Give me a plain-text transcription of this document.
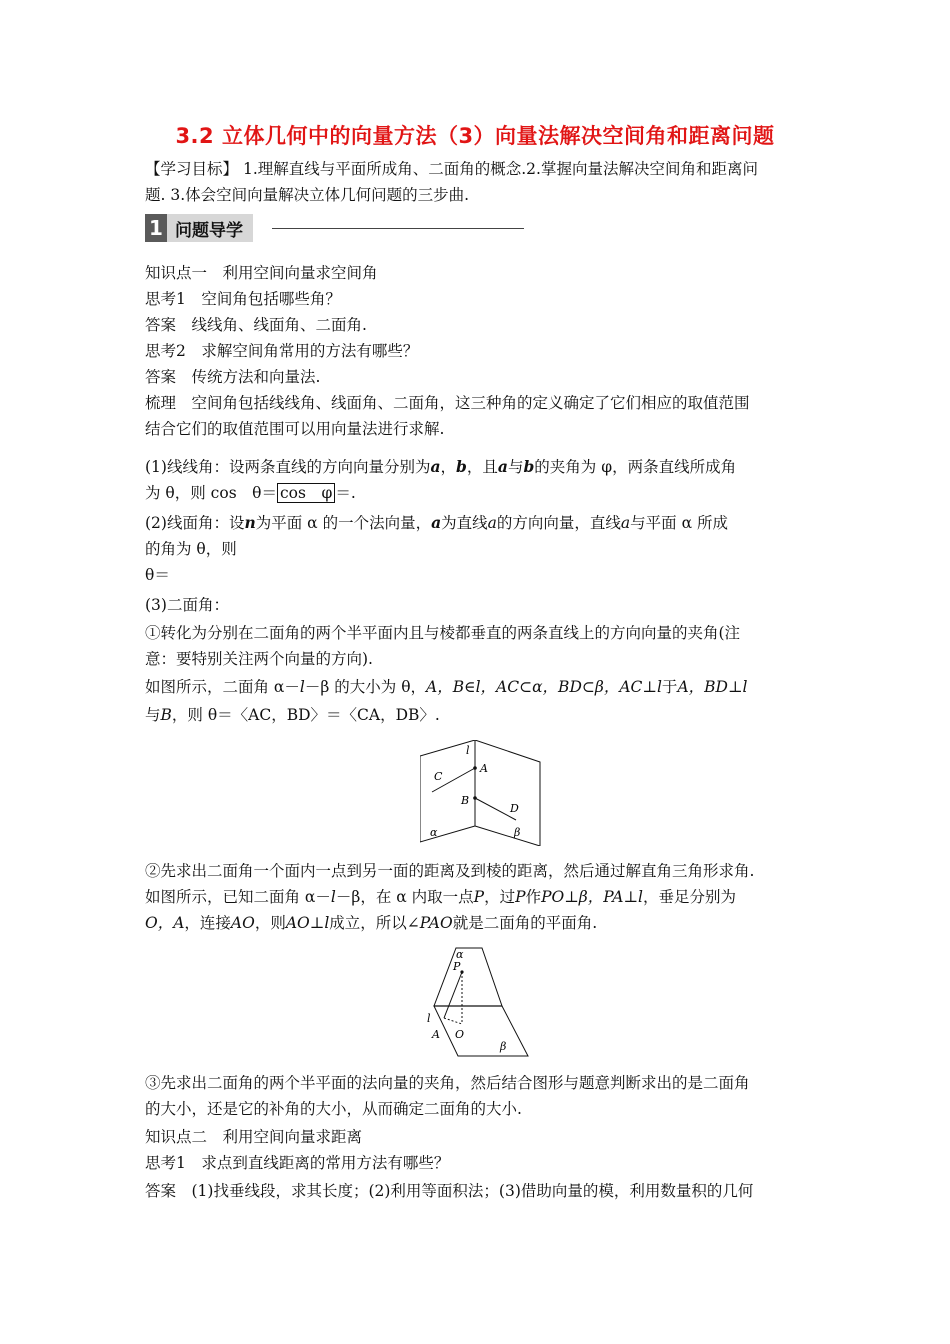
3.2 立体几何中的向量方法（3）向量法解决空间角和距离问题
【学习目标】 1.理解直线与平面所成角、二面角的概念.2.掌握向量法解决空间角和距离问
题. 3.体会空间向量解决立体几何问题的三步曲.
1 问题导学
知识点一　利用空间向量求空间角
思考1　空间角包括哪些角？
答案　线线角、线面角、二面角.
思考2　求解空间角常用的方法有哪些？
答案　传统方法和向量法.
梳理　空间角包括线线角、线面角、二面角，这三种角的定义确定了它们相应的取值范围
结合它们的取值范围可以用向量法进行求解.
(1)线线角：设两条直线的方向向量分别为a，b，且a与b的夹角为 φ，两条直线所成角
为 θ，则 cos　θ＝ cos　φ ＝.
(2)线面角：设n为平面 α 的一个法向量，a为直线a的方向向量，直线a与平面 α 所成
的角为 θ，则
θ＝
(3)二面角：
①转化为分别在二面角的两个半平面内且与棱都垂直的两条直线上的方向向量的夹角(注
意：要特别关注两个向量的方向).
如图所示，二面角 α－l－β 的大小为 θ，A，B∈l，AC⊂α，BD⊂β，AC⊥l于A，BD⊥l
与B，则 θ＝〈AC，BD〉＝〈CA，DB〉.
l
A
B
C
D
α	β
②先求出二面角一个面内一点到另一面的距离及到棱的距离，然后通过解直角三角形求角.
如图所示，已知二面角 α－l－β，在 α 内取一点P，过P作PO⊥β，PA⊥l，垂足分别为
O，A，连接AO，则AO⊥l成立，所以∠PAO就是二面角的平面角.
α
P
l
A O
β
③先求出二面角的两个半平面的法向量的夹角，然后结合图形与题意判断求出的是二面角
的大小，还是它的补角的大小，从而确定二面角的大小.
知识点二　利用空间向量求距离
思考1　求点到直线距离的常用方法有哪些？
答案　(1)找垂线段，求其长度；(2)利用等面积法；(3)借助向量的模，利用数量积的几何
